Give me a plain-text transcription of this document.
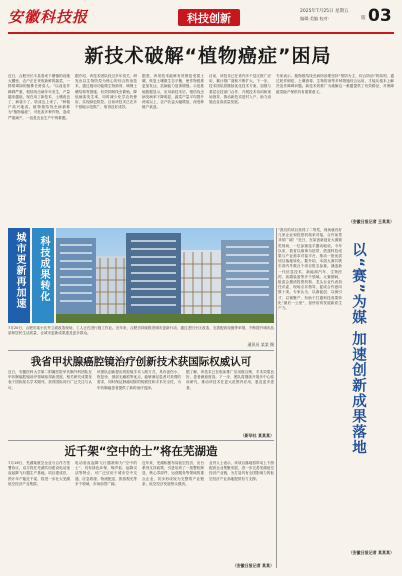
安徽科技报	科技创新
2025年7月25日 星期五
编辑·美编 校对· 03
版
新技术破解“植物癌症”困局
近日，合肥市长丰县春来下塘镇的设施大棚里，农户正在采收新鲜的蔬菜，一排排翠绿的植株长势喜人。“以前连作障碍严重，根结线虫病年年发生，产量越来越低，现在用了新技术，土壤改良了，病害少了，收成也上来了。”种植户高兴地说。植物根结线虫病被称为“植物癌症”，可危害多种作物，造成严重减产，一直是农业生产中的难题。
据介绍，该技术团队经过多年攻关，研发出以生物防控为核心的综合防治技术，通过施用功能微生物菌剂、调理土壤结构等措施，有效抑制线虫繁殖，降低病害发生率，同时减少化学农药使用，实现绿色防控。目前该技术已在多个基地示范推广，取得良好成效。
据悉，该项技术能够有效修复受损土壤，恢复土壤微生态平衡，使作物根系更加发达，抗病能力显著增强。示范基地数据显示，应用新技术后，根结线虫病发病率下降明显，蔬菜产量平均提升两成以上，农户收益大幅增加，深受种植户欢迎。
目前，该技术已在省内多个县区推广应用，累计推广面积不断扩大。下一步，技术团队将继续优化技术方案，加强与基层农技部门合作，开展技术培训和现场指导，推动新技术进村入户，助力设施农业高质量发展。
专家表示，植物根结线虫病防治要坚持“预防为主、综合防治”的原则，通过轮作倒茬、土壤消毒、生物防治等多种措施综合运用，才能从根本上解决连作障碍问题。新技术的推广为破解这一难题提供了有效路径，对保障蔬菜稳产保供具有重要意义。
（安徽日报记者 王某某）
城市更新再加速	科技成果转化	以“赛”为媒 加速创新成果落地
“我们的项目获得了二等奖，现场就有好几家企业和投资机构来对接，合作前景非常广阔！”近日，在某创新创业大赛颁奖现场，一位参赛选手激动地说。今年以来，我省以赛事为纽带，搭建科技成果与产业需求对接平台，推动一批优质项目落地转化。据介绍，本届大赛共吸引省内外数百个项目报名参赛，涵盖新一代信息技术、新能源汽车、生物医药、高端装备等多个领域。大赛期间，组委会邀请投资机构、龙头企业代表担任评委，现场点评指导，促成合作意向数十项。专家认为，以赛促创、以赛引才、以赛聚产，有助于打通科技成果转化“最后一公里”，加快培育发展新质生产力。
（安徽日报记者 某某某）
7月20日，合肥市某小区外立面改造现场，工人正在进行施工作业。近年来，合肥市持续推进城市更新行动，通过老旧小区改造、完善配套设施等举措，不断提升城市品质和居民生活质量，让城市更新成果惠及更多群众。
通讯员 某某 摄
我省甲状腺癌腔镜治疗创新技术获国际权威认可
近日，安徽医科大学第二附属医院甲状腺外科团队在甲状腺癌腔镜治疗领域取得新进展，相关研究成果发表于国际知名学术期刊，获得国际同行广泛关注与认可。
该团队创新提出的腔镜手术入路方式，具有创伤小、恢复快、颈部无瘢痕等优点，能够满足患者对美观的需求，同时保证肿瘤切除的彻底性和手术安全性，为甲状腺癌患者提供了新的治疗选择。
据了解，该技术已在临床推广应用数百例，手术效果良好，患者满意度高。下一步，团队将继续开展多中心临床研究，推动该技术在更大范围内应用，惠及更多患者。
（新华社 某某某）
近千架“空中的士”将在芜湖造
7月16日，芜湖某航空企业与合作方签署协议，双方将在芜湖共同建设电动垂直起降飞行器生产基地。项目建成后，预计年产能近千架，将进一步壮大芜湖低空经济产业集群。
电动垂直起降飞行器被称为“空中的士”，具有绿色环保、噪声低、起降灵活等特点，可广泛应用于城市空中交通、应急救援、物流配送、旅游观光等多个领域，市场前景广阔。
近年来，芜湖积极布局低空经济，出台系列支持政策，引进培育了一批整机制造、核心零部件、运营服务等领域的重点企业，初步形成较为完整的产业链条，低空经济发展势头强劲。
业内人士表示，该项目落地将带动上下游配套企业集聚发展，进一步完善芜湖低空经济产业链，为打造具有全国影响力的低空经济产业高地提供有力支撑。
（安徽日报记者 某某）
